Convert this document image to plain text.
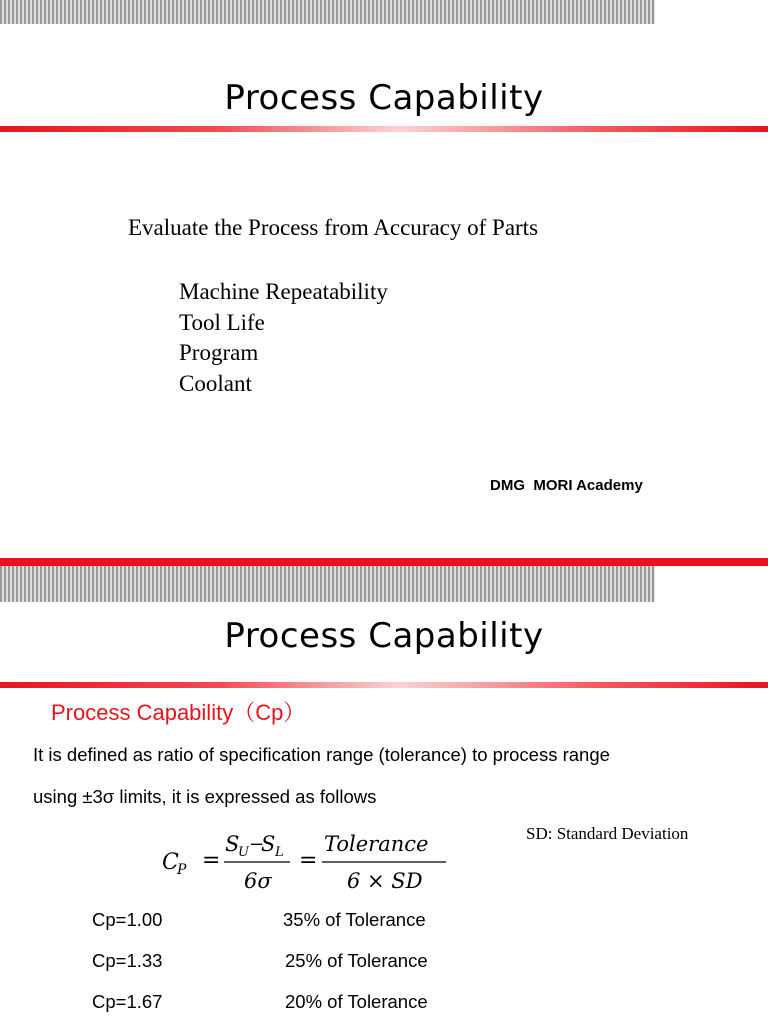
Process Capability
Evaluate the Process from Accuracy of Parts
Machine Repeatability
Tool Life
Program
Coolant
DMG  MORI Academy
Process Capability
Process Capability（Cp）
It is defined as ratio of specification range (tolerance) to process range
using ±3σ limits, it is expressed as follows
SD: Standard Deviation
C
P =
S
U −
S L
6σ
=
Tolerance
6 × SD
Cp=1.00	35% of Tolerance
Cp=1.33	25% of Tolerance
Cp=1.67	20% of Tolerance
